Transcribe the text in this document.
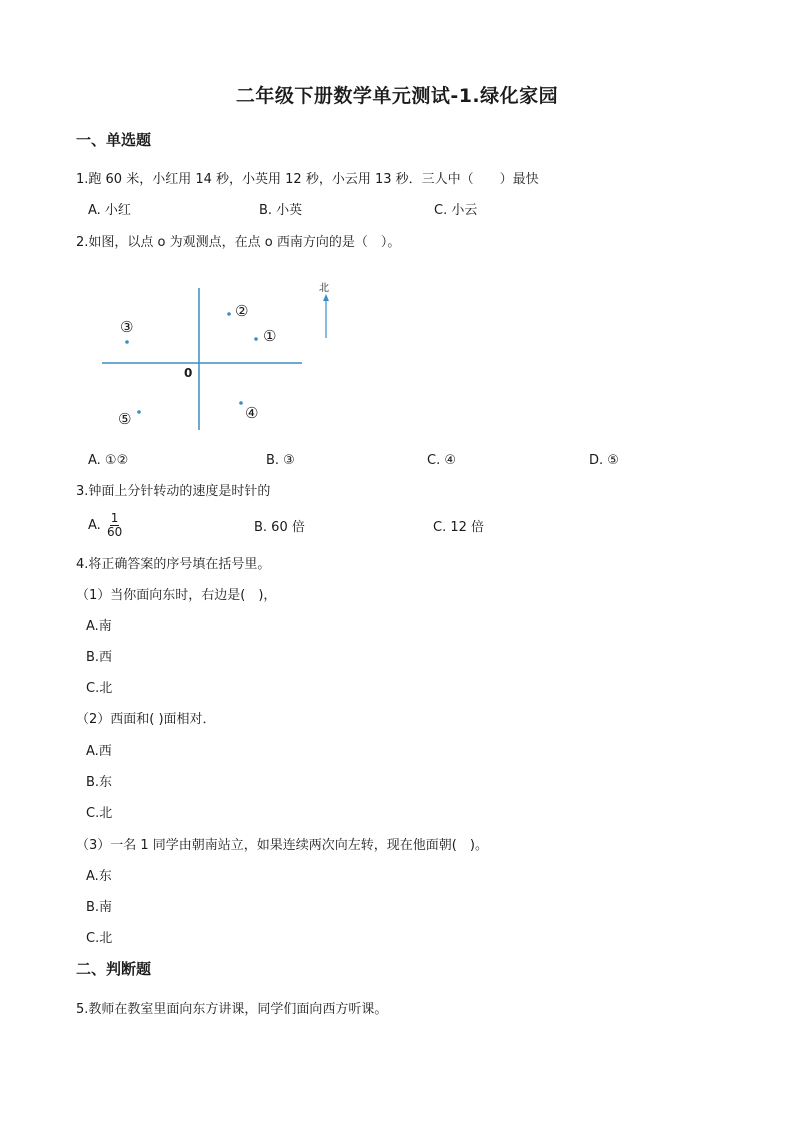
二年级下册数学单元测试-1.绿化家园
一、单选题
1.跑 60 米，小红用 14 秒，小英用 12 秒，小云用 13 秒．三人中（　　）最快
A. 小红	B. 小英	C. 小云
2.如图，以点 o 为观测点，在点 o 西南方向的是（　）。
0
北
①
②
③
④
⑤
A. ①②	B. ③	C. ④	D. ⑤
3.钟面上分针转动的速度是时针的
A. $\frac{1}{60}$	B. 60 倍	C. 12 倍
4.将正确答案的序号填在括号里。
（1）当你面向东时，右边是(　)，
A.南
B.西
C.北
（2）西面和( )面相对．
A.西
B.东
C.北
（3）一名 1 同学由朝南站立，如果连续两次向左转，现在他面朝(　)。
A.东
B.南
C.北
二、判断题
5.教师在教室里面向东方讲课，同学们面向西方听课。
